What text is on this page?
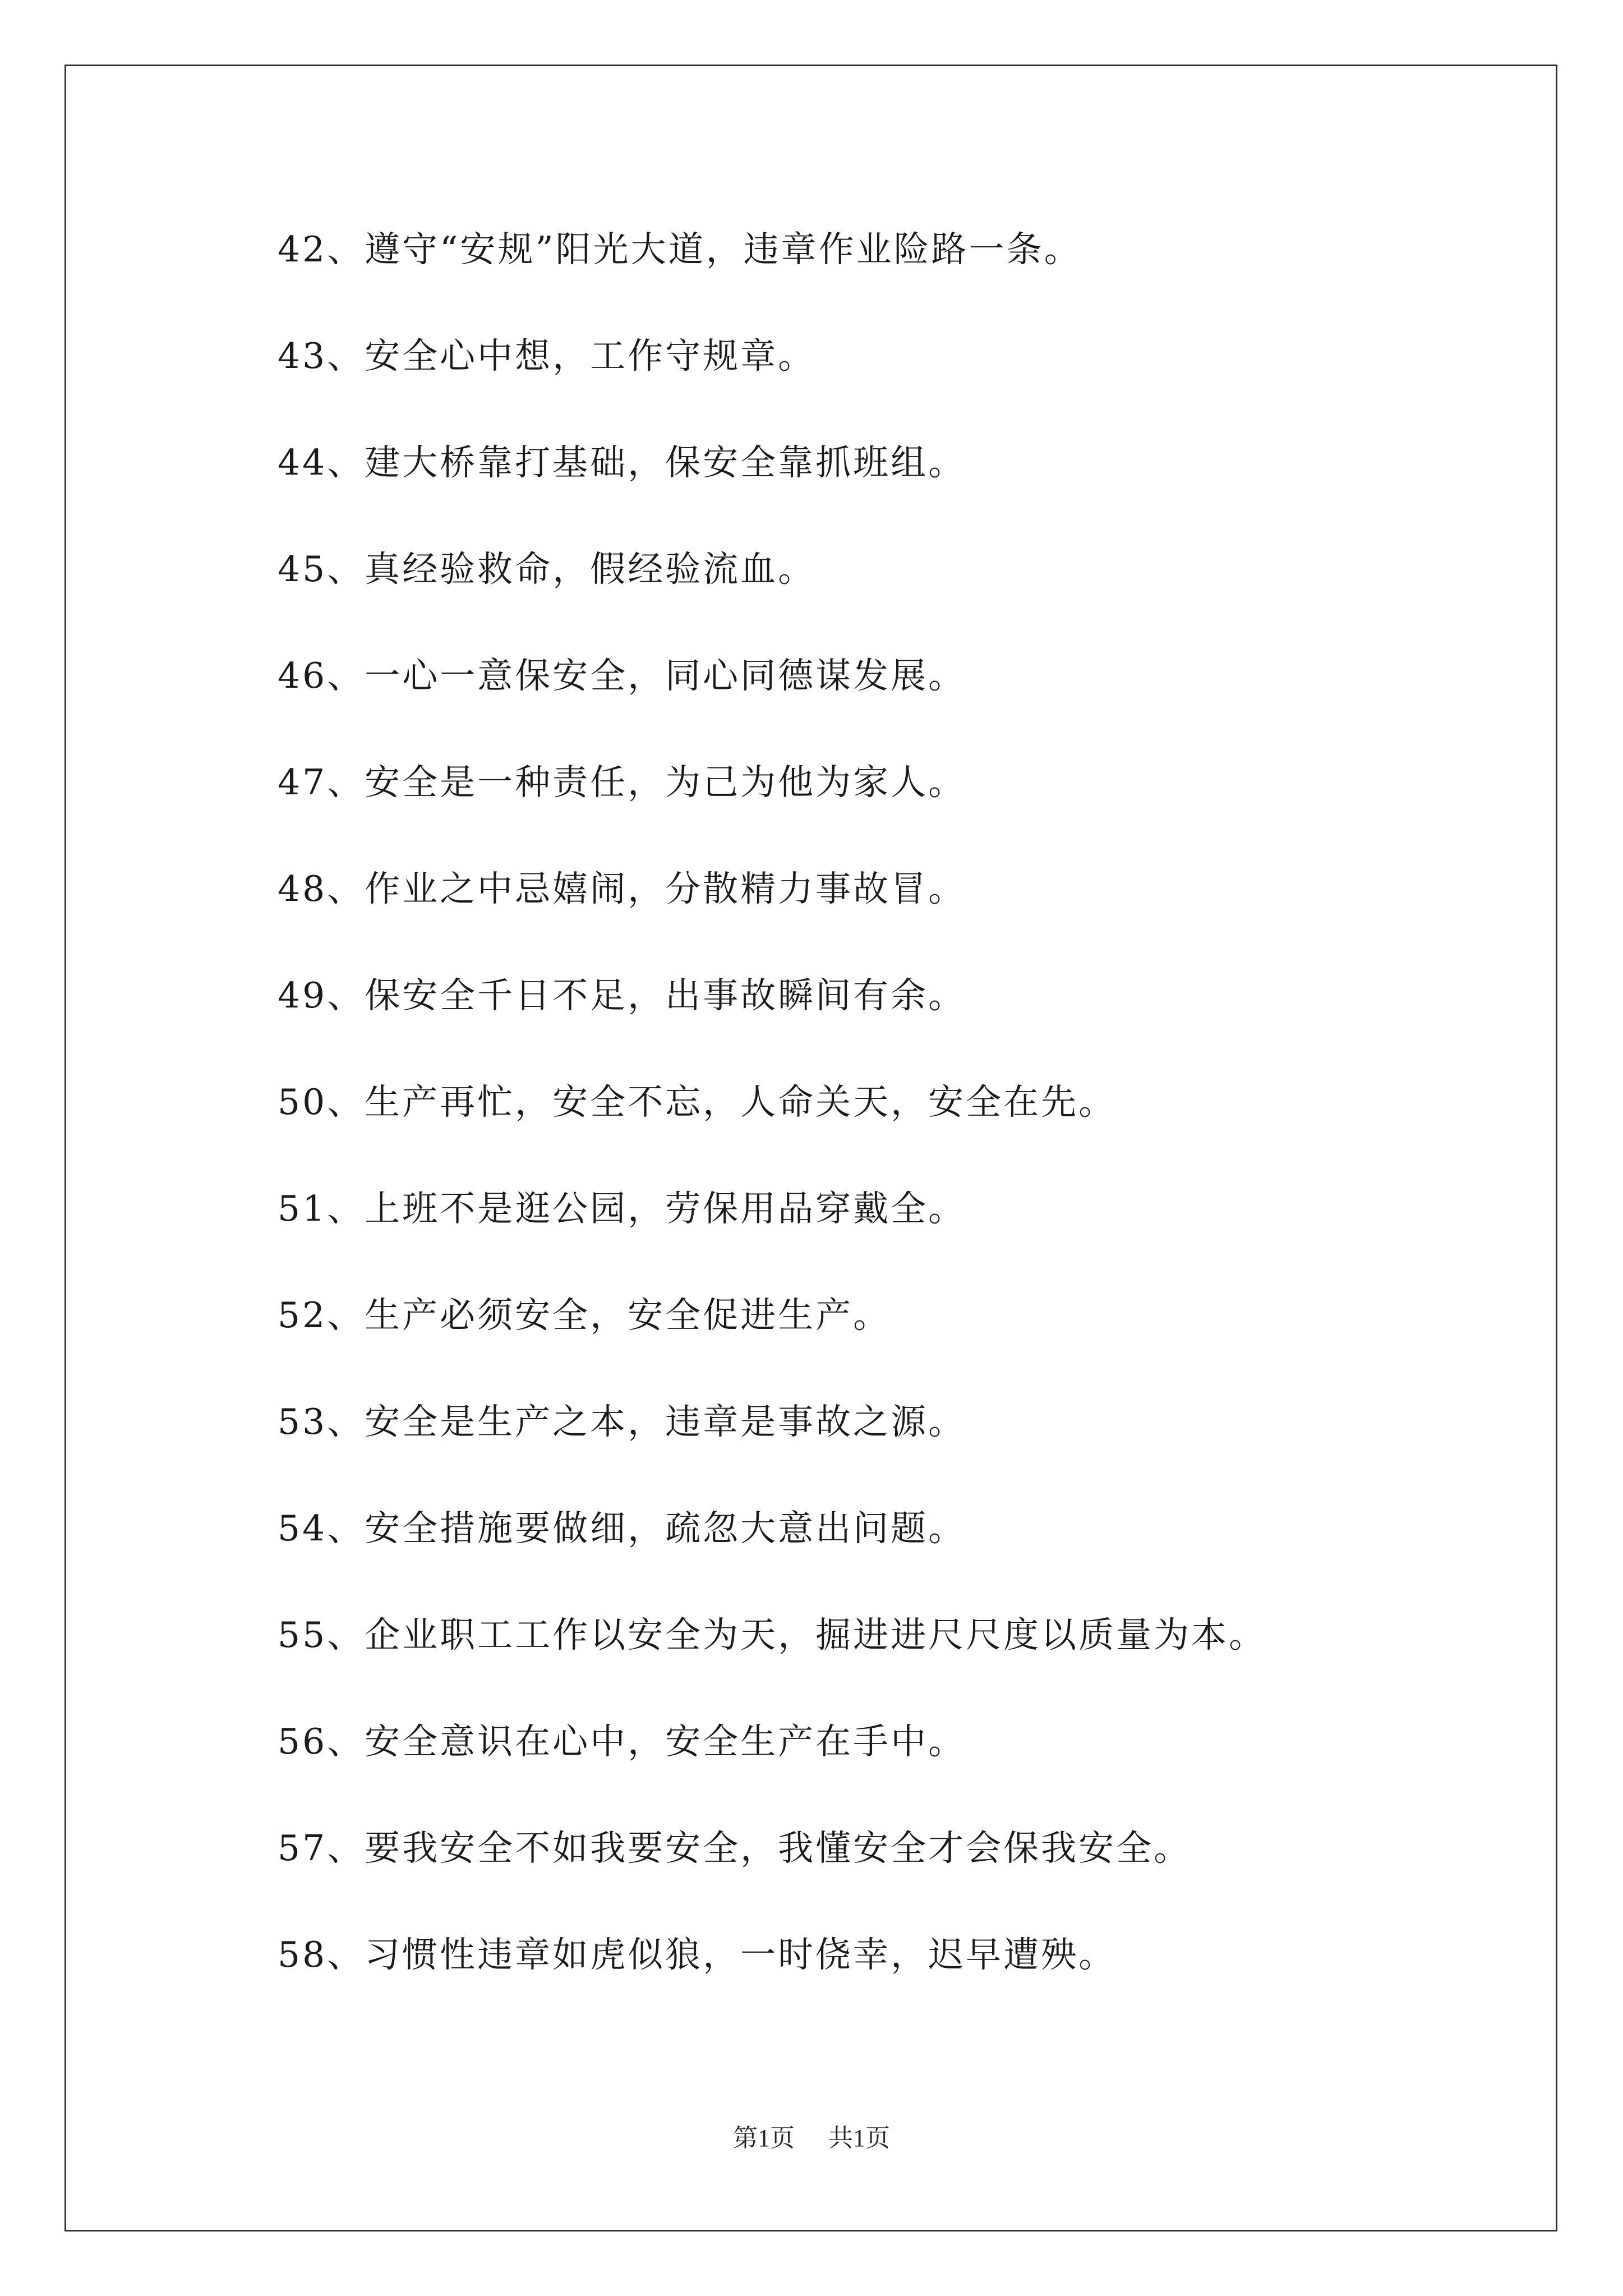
42、遵守“安规”阳光大道，违章作业险路一条。
43、安全心中想，工作守规章。
44、建大桥靠打基础，保安全靠抓班组。
45、真经验救命，假经验流血。
46、一心一意保安全，同心同德谋发展。
47、安全是一种责任，为己为他为家人。
48、作业之中忌嬉闹，分散精力事故冒。
49、保安全千日不足，出事故瞬间有余。
50、生产再忙，安全不忘，人命关天，安全在先。
51、上班不是逛公园，劳保用品穿戴全。
52、生产必须安全，安全促进生产。
53、安全是生产之本，违章是事故之源。
54、安全措施要做细，疏忽大意出问题。
55、企业职工工作以安全为天，掘进进尺尺度以质量为本。
56、安全意识在心中，安全生产在手中。
57、要我安全不如我要安全，我懂安全才会保我安全。
58、习惯性违章如虎似狼，一时侥幸，迟早遭殃。
第1页 共1页
